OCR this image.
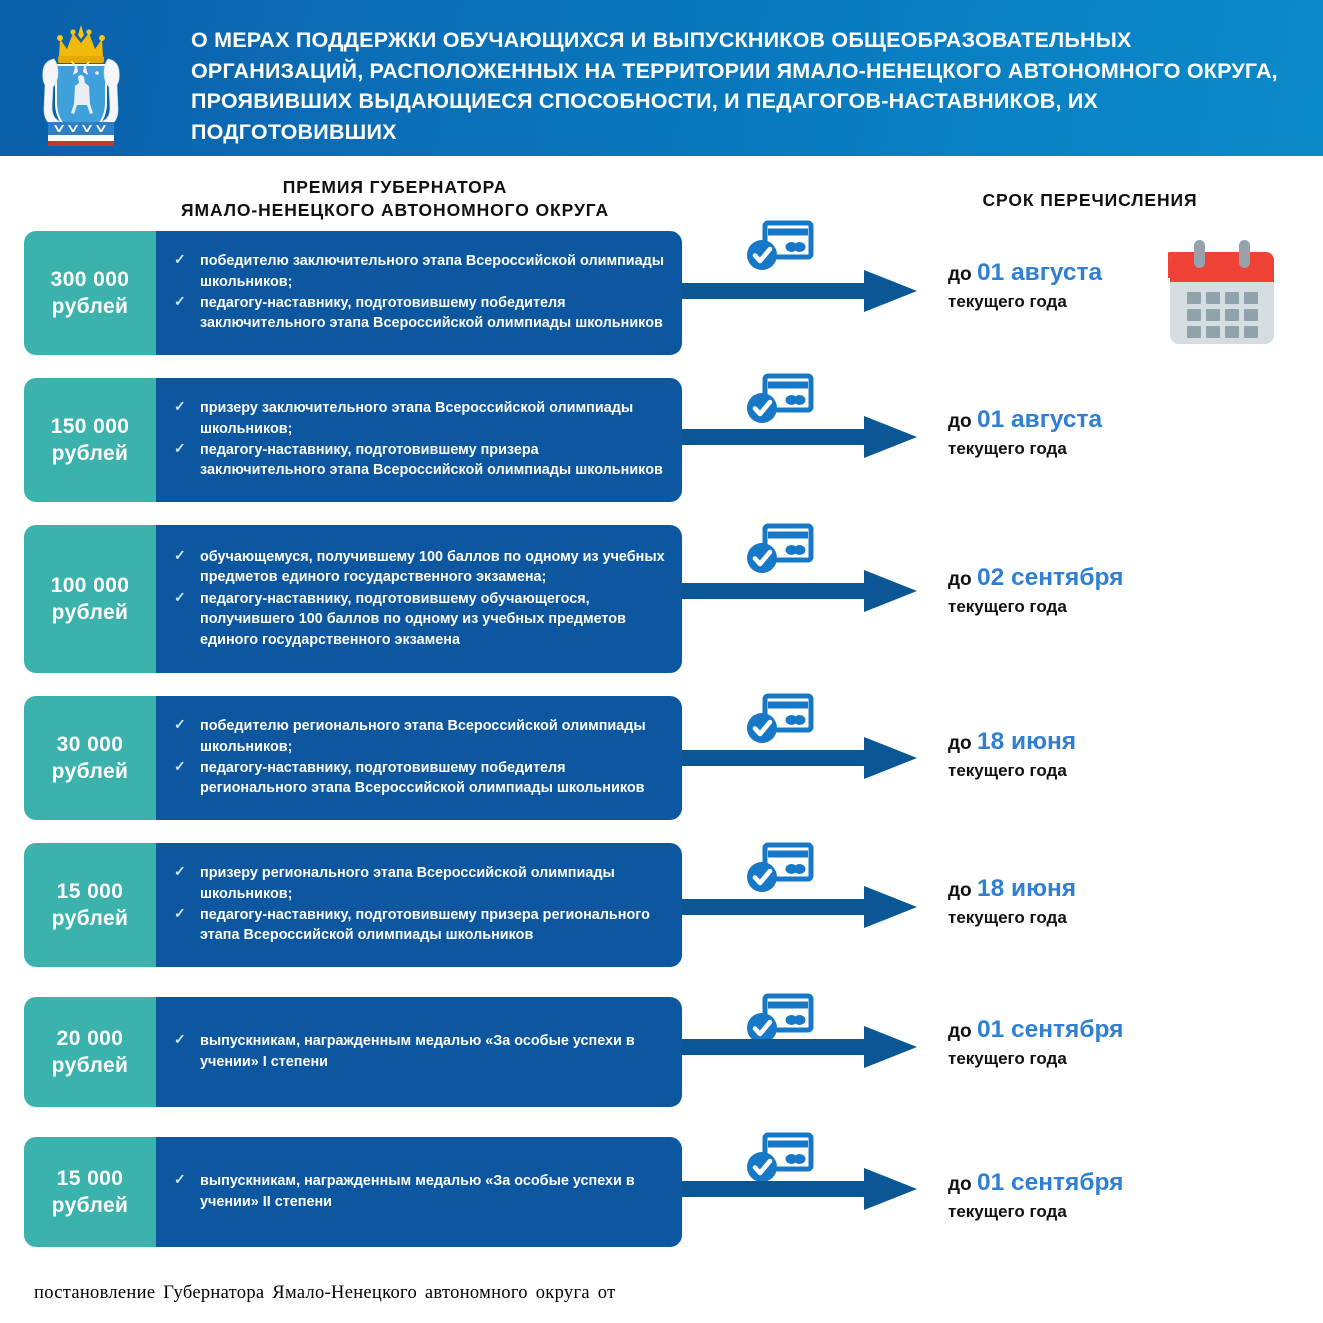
О МЕРАХ ПОДДЕРЖКИ ОБУЧАЮЩИХСЯ И ВЫПУСКНИКОВ ОБЩЕОБРАЗОВАТЕЛЬНЫХ ОРГАНИЗАЦИЙ, РАСПОЛОЖЕННЫХ НА ТЕРРИТОРИИ ЯМАЛО-НЕНЕЦКОГО АВТОНОМНОГО ОКРУГА, ПРОЯВИВШИХ ВЫДАЮЩИЕСЯ СПОСОБНОСТИ, И ПЕДАГОГОВ-НАСТАВНИКОВ, ИХ ПОДГОТОВИВШИХ
ПРЕМИЯ ГУБЕРНАТОРА
ЯМАЛО-НЕНЕЦКОГО АВТОНОМНОГО ОКРУГА
СРОК ПЕРЕЧИСЛЕНИЯ
300 000
рублей
✓ победителю заключительного этапа Всероссийской олимпиады школьников;
✓ педагогу-наставнику, подготовившему победителя заключительного этапа Всероссийской олимпиады школьников
до 01 августа
текущего года
150 000
рублей
✓ призеру заключительного этапа Всероссийской олимпиады школьников;
✓ педагогу-наставнику, подготовившему призера заключительного этапа Всероссийской олимпиады школьников
до 01 августа
текущего года
100 000
рублей
✓ обучающемуся, получившему 100 баллов по одному из учебных предметов единого государственного экзамена;
✓ педагогу-наставнику, подготовившему обучающегося, получившего 100 баллов по одному из учебных предметов единого государственного экзамена
до 02 сентября
текущего года
30 000
рублей
✓ победителю регионального этапа Всероссийской олимпиады школьников;
✓ педагогу-наставнику, подготовившему победителя регионального этапа Всероссийской олимпиады школьников
до 18 июня
текущего года
15 000
рублей
✓ призеру регионального этапа Всероссийской олимпиады школьников;
✓ педагогу-наставнику, подготовившему призера регионального этапа Всероссийской олимпиады школьников
до 18 июня
текущего года
20 000
рублей
✓ выпускникам, награжденным медалью «За особые успехи в учении» I степени
до 01 сентября
текущего года
15 000
рублей
✓ выпускникам, награжденным медалью «За особые успехи в учении» II степени
до 01 сентября
текущего года
постановление Губернатора Ямало-Ненецкого автономного округа от
